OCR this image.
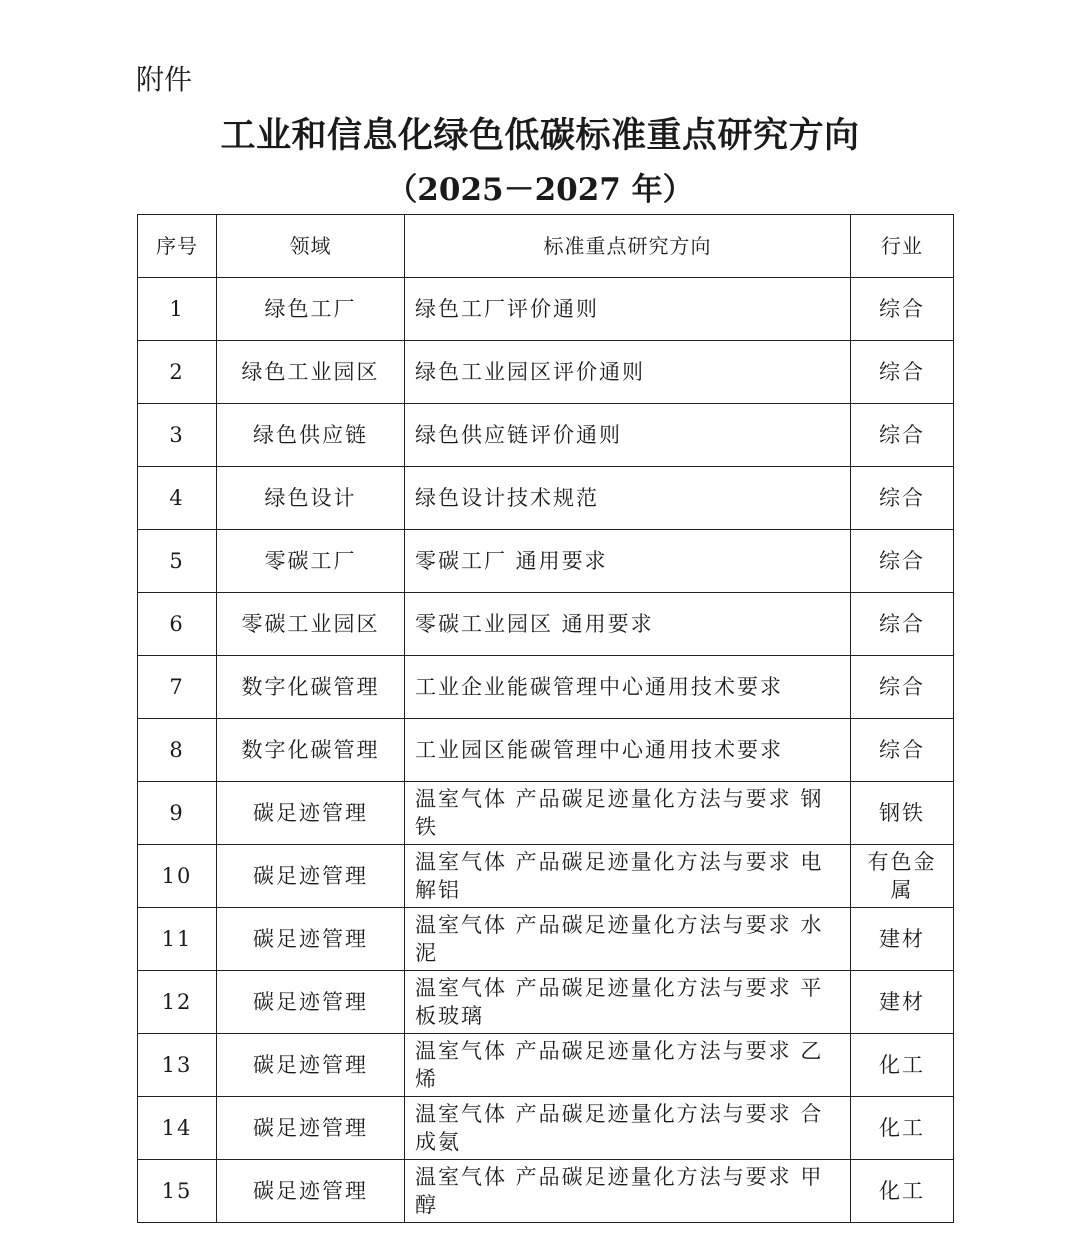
附件
工业和信息化绿色低碳标准重点研究方向
（2025－2027 年）
序号	领域	标准重点研究方向	行业
1	绿色工厂	绿色工厂评价通则	综合
2	绿色工业园区	绿色工业园区评价通则	综合
3	绿色供应链	绿色供应链评价通则	综合
4	绿色设计	绿色设计技术规范	综合
5	零碳工厂	零碳工厂 通用要求	综合
6	零碳工业园区	零碳工业园区 通用要求	综合
7	数字化碳管理	工业企业能碳管理中心通用技术要求	综合
8	数字化碳管理	工业园区能碳管理中心通用技术要求	综合
9	碳足迹管理	温室气体 产品碳足迹量化方法与要求 钢铁	钢铁
10	碳足迹管理	温室气体 产品碳足迹量化方法与要求 电解铝	有色金属
11	碳足迹管理	温室气体 产品碳足迹量化方法与要求 水泥	建材
12	碳足迹管理	温室气体 产品碳足迹量化方法与要求 平板玻璃	建材
13	碳足迹管理	温室气体 产品碳足迹量化方法与要求 乙烯	化工
14	碳足迹管理	温室气体 产品碳足迹量化方法与要求 合成氨	化工
15	碳足迹管理	温室气体 产品碳足迹量化方法与要求 甲醇	化工
